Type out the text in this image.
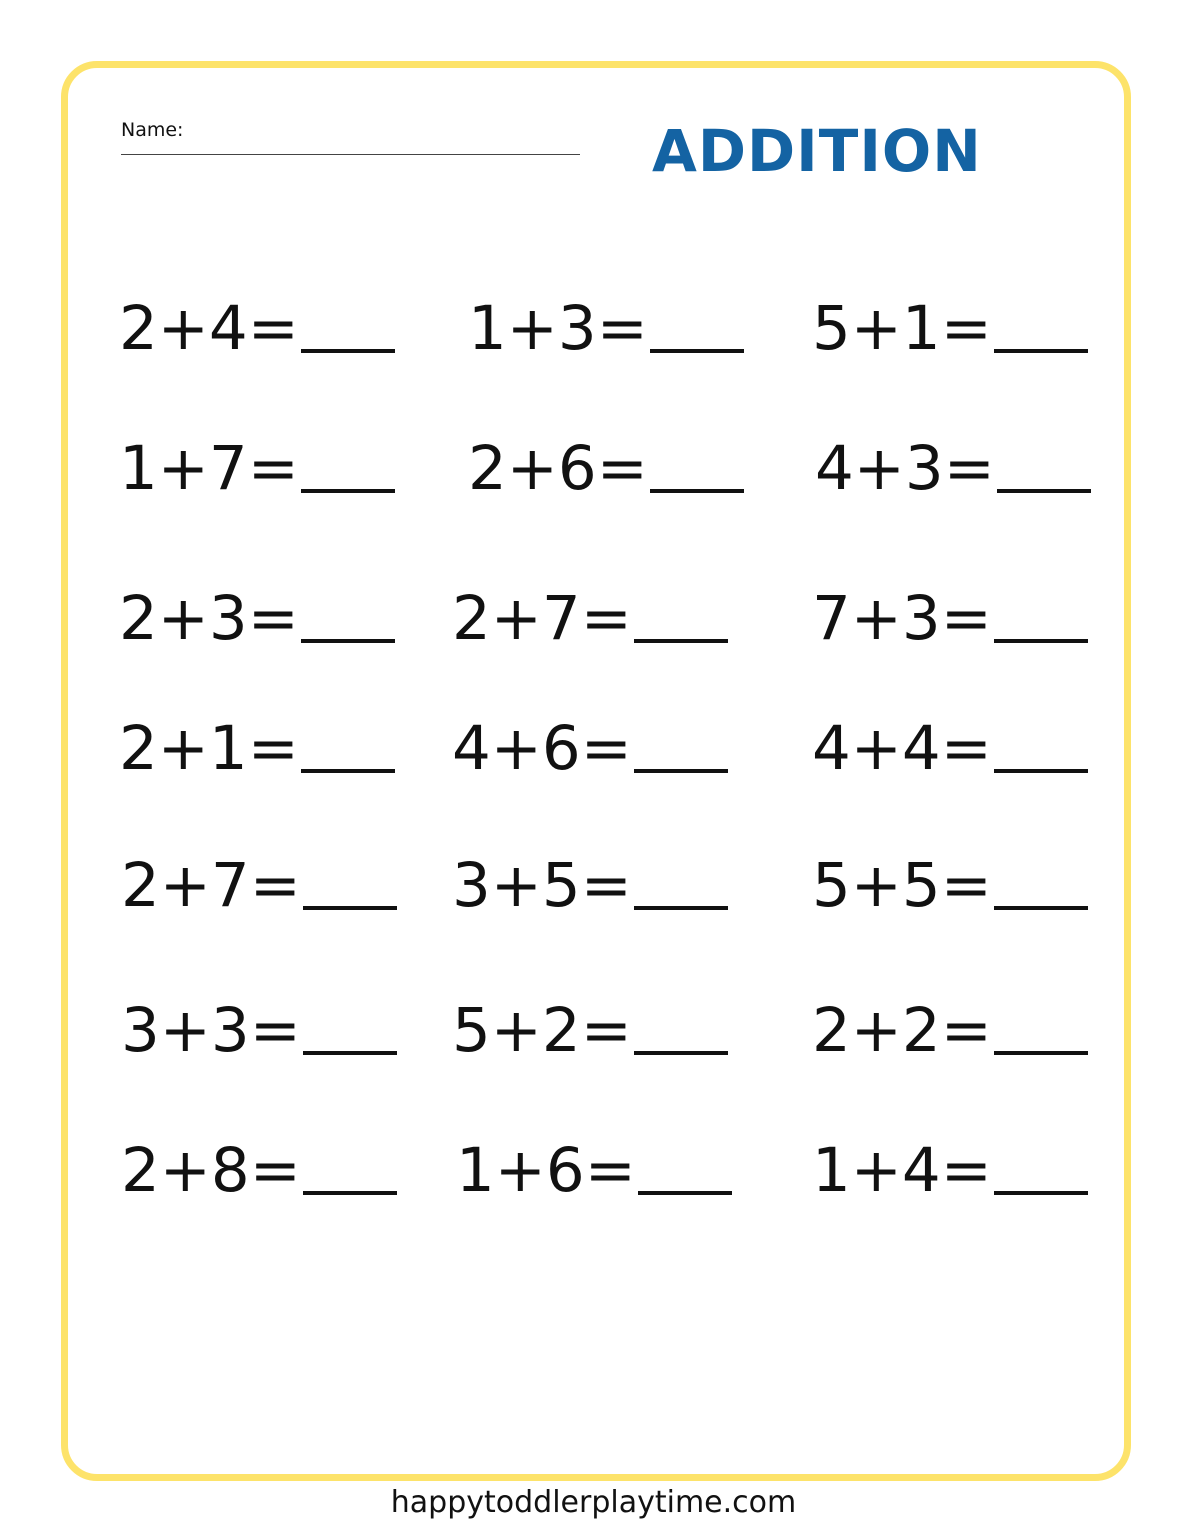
Name:	ADDITION
2+4=	1+3=	5+1=
1+7=	2+6=	4+3=
2+3=	2+7=	7+3=
2+1=	4+6=	4+4=
2+7= 3+5=	5+5=
3+3= 5+2=	2+2=
2+8=	1+6=	1+4=
happytoddlerplaytime.com
